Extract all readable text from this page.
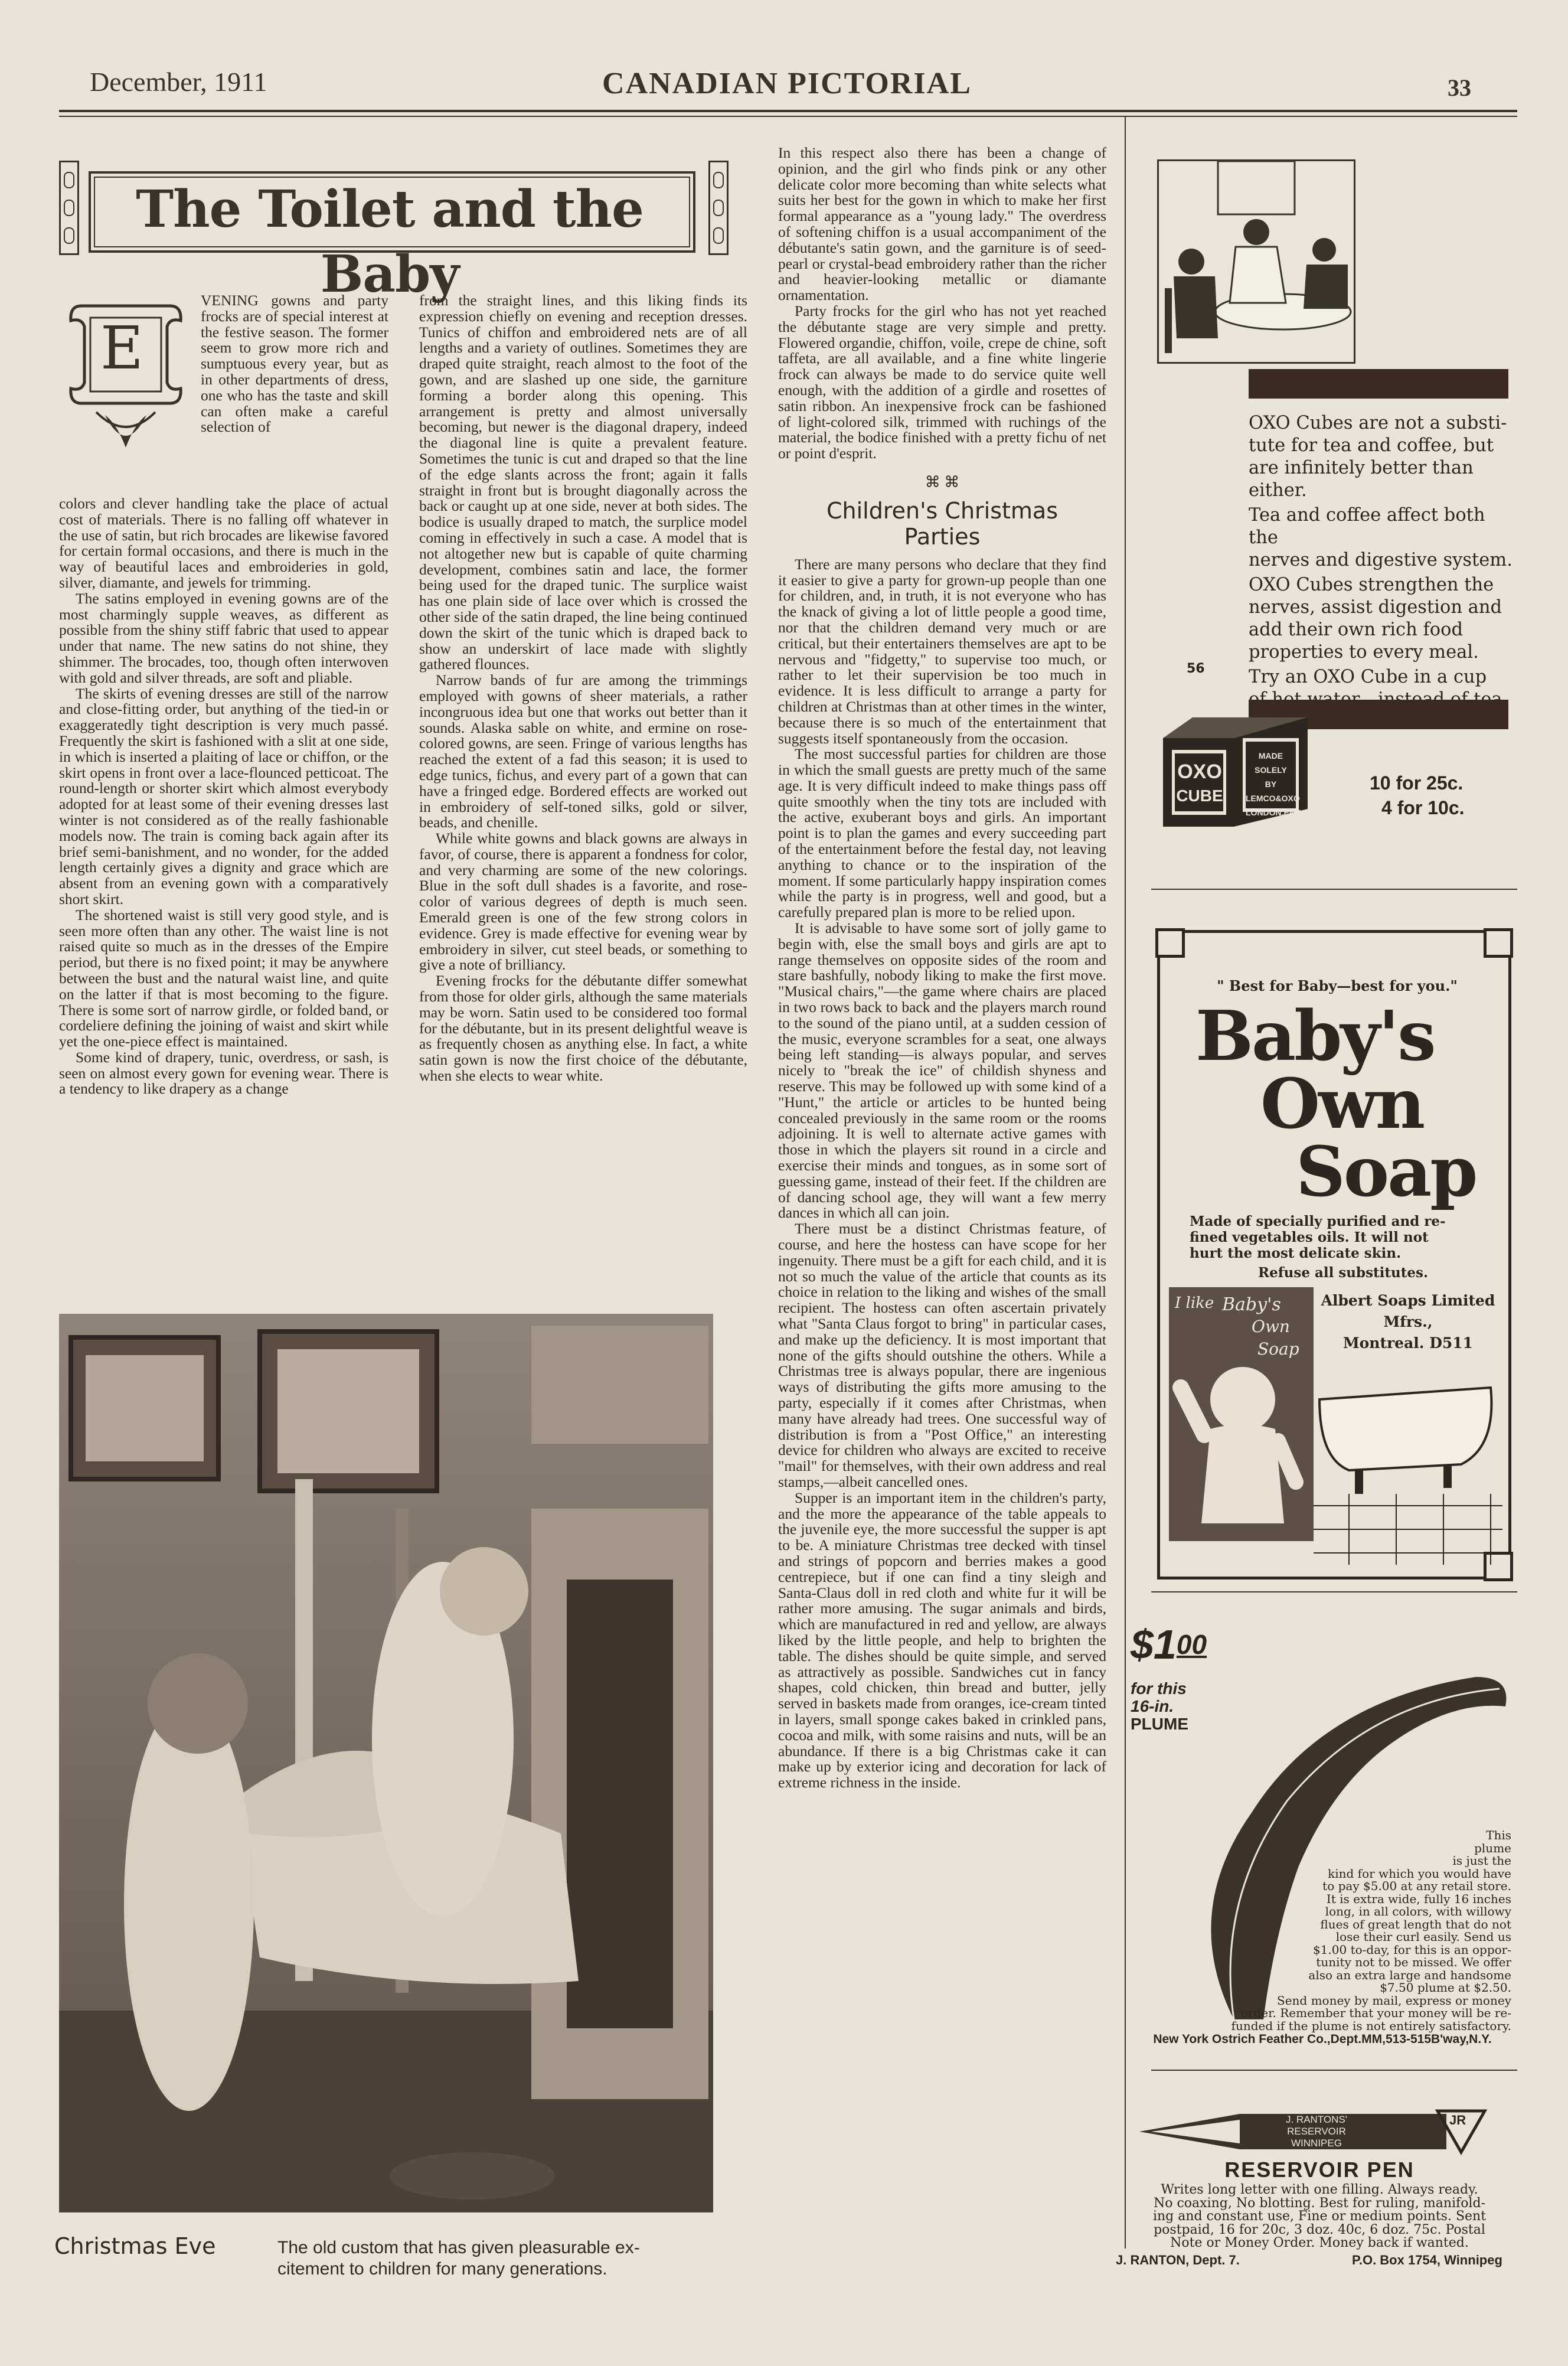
December, 1911	CANADIAN PICTORIAL	33
The Toilet and the Baby
E

VENING gowns and party frocks are of special interest at the festive season. The former seem to grow more rich and sumptuous every year, but as in other departments of dress, one who has the taste and skill can often make a careful selection of

colors and clever handling take the place of actual cost of materials. There is no falling off whatever in the use of satin, but rich brocades are likewise favored for certain formal occasions, and there is much in the way of beautiful laces and embroideries in gold, silver, diamante, and jewels for trimming.

The satins employed in evening gowns are of the most charmingly supple weaves, as different as possible from the shiny stiff fabric that used to appear under that name. The new satins do not shine, they shimmer. The brocades, too, though often interwoven with gold and silver threads, are soft and pliable.

The skirts of evening dresses are still of the narrow and close-fitting order, but anything of the tied-in or exaggeratedly tight description is very much passé. Frequently the skirt is fashioned with a slit at one side, in which is inserted a plaiting of lace or chiffon, or the skirt opens in front over a lace-flounced petticoat. The round-length or shorter skirt which almost everybody adopted for at least some of their evening dresses last winter is not considered as of the really fashionable models now. The train is coming back again after its brief semi-banishment, and no wonder, for the added length certainly gives a dignity and grace which are absent from an evening gown with a comparatively short skirt.

The shortened waist is still very good style, and is seen more often than any other. The waist line is not raised quite so much as in the dresses of the Empire period, but there is no fixed point; it may be anywhere between the bust and the natural waist line, and quite on the latter if that is most becoming to the figure. There is some sort of narrow girdle, or folded band, or cordeliere defining the joining of waist and skirt while yet the one-piece effect is maintained.

Some kind of drapery, tunic, overdress, or sash, is seen on almost every gown for evening wear. There is a tendency to like drapery as a change

from the straight lines, and this liking finds its expression chiefly on evening and reception dresses. Tunics of chiffon and embroidered nets are of all lengths and a variety of outlines. Sometimes they are draped quite straight, reach almost to the foot of the gown, and are slashed up one side, the garniture forming a border along this opening. This arrangement is pretty and almost universally becoming, but newer is the diagonal drapery, indeed the diagonal line is quite a prevalent feature. Sometimes the tunic is cut and draped so that the line of the edge slants across the front; again it falls straight in front but is brought diagonally across the back or caught up at one side, never at both sides. The bodice is usually draped to match, the surplice model coming in effectively in such a case. A model that is not altogether new but is capable of quite charming development, combines satin and lace, the former being used for the draped tunic. The surplice waist has one plain side of lace over which is crossed the other side of the satin draped, the line being continued down the skirt of the tunic which is draped back to show an underskirt of lace made with slightly gathered flounces.

Narrow bands of fur are among the trimmings employed with gowns of sheer materials, a rather incongruous idea but one that works out better than it sounds. Alaska sable on white, and ermine on rose-colored gowns, are seen. Fringe of various lengths has reached the extent of a fad this season; it is used to edge tunics, fichus, and every part of a gown that can have a fringed edge. Bordered effects are worked out in embroidery of self-toned silks, gold or silver, beads, and chenille.

While white gowns and black gowns are always in favor, of course, there is apparent a fondness for color, and very charming are some of the new colorings. Blue in the soft dull shades is a favorite, and rose-color of various degrees of depth is much seen. Emerald green is one of the few strong colors in evidence. Grey is made effective for evening wear by embroidery in silver, cut steel beads, or something to give a note of brilliancy.

Evening frocks for the débutante differ somewhat from those for older girls, although the same materials may be worn. Satin used to be considered too formal for the débutante, but in its present delightful weave is as frequently chosen as anything else. In fact, a white satin gown is now the first choice of the débutante, when she elects to wear white.

In this respect also there has been a change of opinion, and the girl who finds pink or any other delicate color more becoming than white selects what suits her best for the gown in which to make her first formal appearance as a "young lady." The overdress of softening chiffon is a usual accompaniment of the débutante's satin gown, and the garniture is of seed-pearl or crystal-bead embroidery rather than the richer and heavier-looking metallic or diamante ornamentation.

Party frocks for the girl who has not yet reached the débutante stage are very simple and pretty. Flowered organdie, chiffon, voile, crepe de chine, soft taffeta, are all available, and a fine white lingerie frock can always be made to do service quite well enough, with the addition of a girdle and rosettes of satin ribbon. An inexpensive frock can be fashioned of light-colored silk, trimmed with ruchings of the material, the bodice finished with a pretty fichu of net or point d'esprit.

⌘ ⌘
Children's Christmas
Parties

There are many persons who declare that they find it easier to give a party for grown-up people than one for children, and, in truth, it is not everyone who has the knack of giving a lot of little people a good time, nor that the children demand very much or are critical, but their entertainers themselves are apt to be nervous and "fidgetty," to supervise too much, or rather to let their supervision be too much in evidence. It is less difficult to arrange a party for children at Christmas than at other times in the winter, because there is so much of the entertainment that suggests itself spontaneously from the occasion.

The most successful parties for children are those in which the small guests are pretty much of the same age. It is very difficult indeed to make things pass off quite smoothly when the tiny tots are included with the active, exuberant boys and girls. An important point is to plan the games and every succeeding part of the entertainment before the festal day, not leaving anything to chance or to the inspiration of the moment. If some particularly happy inspiration comes while the party is in progress, well and good, but a carefully prepared plan is more to be relied upon.

It is advisable to have some sort of jolly game to begin with, else the small boys and girls are apt to range themselves on opposite sides of the room and stare bashfully, nobody liking to make the first move. "Musical chairs,"—the game where chairs are placed in two rows back to back and the players march round to the sound of the piano until, at a sudden cession of the music, everyone scrambles for a seat, one always being left standing—is always popular, and serves nicely to "break the ice" of childish shyness and reserve. This may be followed up with some kind of a "Hunt," the article or articles to be hunted being concealed previously in the same room or the rooms adjoining. It is well to alternate active games with those in which the players sit round in a circle and exercise their minds and tongues, as in some sort of guessing game, instead of their feet. If the children are of dancing school age, they will want a few merry dances in which all can join.

There must be a distinct Christmas feature, of course, and here the hostess can have scope for her ingenuity. There must be a gift for each child, and it is not so much the value of the article that counts as its choice in relation to the liking and wishes of the small recipient. The hostess can often ascertain privately what "Santa Claus forgot to bring" in particular cases, and make up the deficiency. It is most important that none of the gifts should outshine the others. While a Christmas tree is always popular, there are ingenious ways of distributing the gifts more amusing to the party, especially if it comes after Christmas, when many have already had trees. One successful way of distribution is from a "Post Office," an interesting device for children who always are excited to receive "mail" for themselves, with their own address and real stamps,—albeit cancelled ones.

Supper is an important item in the children's party, and the more the appearance of the table appeals to the juvenile eye, the more successful the supper is apt to be. A miniature Christmas tree decked with tinsel and strings of popcorn and berries makes a good centrepiece, but if one can find a tiny sleigh and Santa-Claus doll in red cloth and white fur it will be rather more amusing. The sugar animals and birds, which are manufactured in red and yellow, are always liked by the little people, and help to brighten the table. The dishes should be quite simple, and served as attractively as possible. Sandwiches cut in fancy shapes, cold chicken, thin bread and butter, jelly served in baskets made from oranges, ice-cream tinted in layers, small sponge cakes baked in crinkled pans, cocoa and milk, with some raisins and nuts, will be an abundance. If there is a big Christmas cake it can make up by exterior icing and decoration for lack of extreme richness in the inside.

Christmas Eve	The old custom that has given pleasurable ex-
citement to children for many generations.
OXO Cubes are not a substi-
tute for tea and coffee, but
are infinitely better than
either.
Tea and coffee affect both the
nerves and digestive system.
OXO Cubes strengthen the
nerves, assist digestion and
add their own rich food
properties to every meal.
Try an OXO Cube in a cup
56
OXO
CUBE
MADE SOLELY
BY
LEMCO&OXO
LONDON.ENG.
10 for 25c.
4 for 10c.
" Best for Baby—best for you."
Baby's
Own
Soap
Made of specially purified and re-
fined vegetables oils. It will not
hurt the most delicate skin.
Refuse all substitutes.
Albert Soaps Limited
Mfrs.,
Montreal. D511
I like Baby's
Own
Soap
$\$1^{00}$
for this
16-in.
PLUME
This
plume
is just the
kind for which you would have
to pay $5.00 at any retail store.
It is extra wide, fully 16 inches
long, in all colors, with willowy
flues of great length that do not
lose their curl easily. Send us
$1.00 to-day, for this is an oppor-
tunity not to be missed. We offer
also an extra large and handsome
$7.50 plume at $2.50.
Send money by mail, express or money
order. Remember that your money will be re-
funded if the plume is not entirely satisfactory.
New York Ostrich Feather Co.,Dept.MM,513-515B'way,N.Y.
J. RANTONS'
RESERVOIR
WINNIPEG
JR
RESERVOIR PEN
Writes long letter with one filling. Always ready.
No coaxing, No blotting. Best for ruling, manifold-
ing and constant use, Fine or medium points. Sent
postpaid, 16 for 20c, 3 doz. 40c, 6 doz. 75c. Postal
Note or Money Order. Money back if wanted.
J. RANTON, Dept. 7.	P.O. Box 1754, Winnipeg
